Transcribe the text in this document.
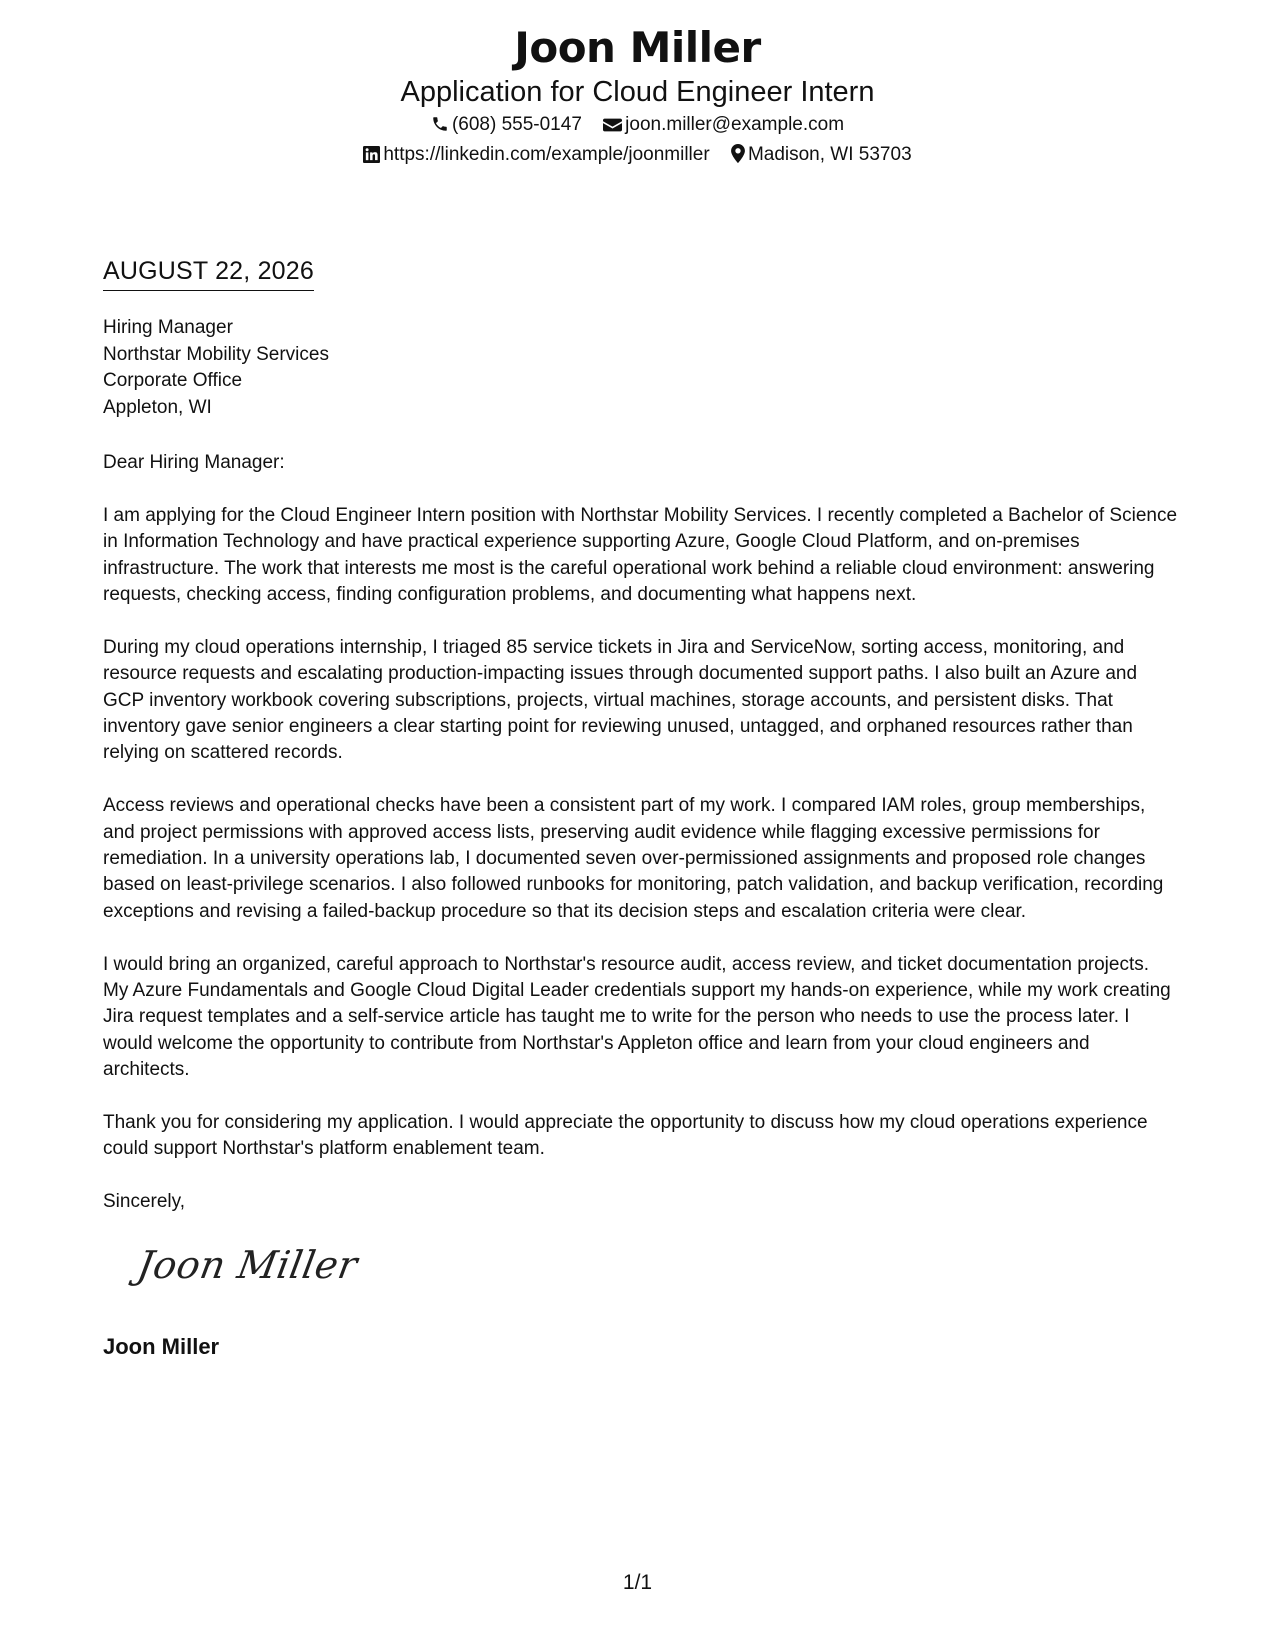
Joon Miller
Application for Cloud Engineer Intern
(608) 555-0147 joon.miller@example.com
https://linkedin.com/example/joonmiller Madison, WI 53703
AUGUST 22, 2026
Hiring Manager
Northstar Mobility Services
Corporate Office
Appleton, WI

Dear Hiring Manager:

I am applying for the Cloud Engineer Intern position with Northstar Mobility Services. I recently completed a Bachelor of Science in Information Technology and have practical experience supporting Azure, Google Cloud Platform, and on-premises infrastructure. The work that interests me most is the careful operational work behind a reliable cloud environment: answering requests, checking access, finding configuration problems, and documenting what happens next.

During my cloud operations internship, I triaged 85 service tickets in Jira and ServiceNow, sorting access, monitoring, and resource requests and escalating production-impacting issues through documented support paths. I also built an Azure and GCP inventory workbook covering subscriptions, projects, virtual machines, storage accounts, and persistent disks. That inventory gave senior engineers a clear starting point for reviewing unused, untagged, and orphaned resources rather than relying on scattered records.

Access reviews and operational checks have been a consistent part of my work. I compared IAM roles, group memberships, and project permissions with approved access lists, preserving audit evidence while flagging excessive permissions for remediation. In a university operations lab, I documented seven over-permissioned assignments and proposed role changes based on least-privilege scenarios. I also followed runbooks for monitoring, patch validation, and backup verification, recording exceptions and revising a failed-backup procedure so that its decision steps and escalation criteria were clear.

I would bring an organized, careful approach to Northstar's resource audit, access review, and ticket documentation projects. My Azure Fundamentals and Google Cloud Digital Leader credentials support my hands-on experience, while my work creating Jira request templates and a self-service article has taught me to write for the person who needs to use the process later. I would welcome the opportunity to contribute from Northstar's Appleton office and learn from your cloud engineers and architects.

Thank you for considering my application. I would appreciate the opportunity to discuss how my cloud operations experience could support Northstar's platform enablement team.

Sincerely,
Joon Miller
Joon Miller
1/1
